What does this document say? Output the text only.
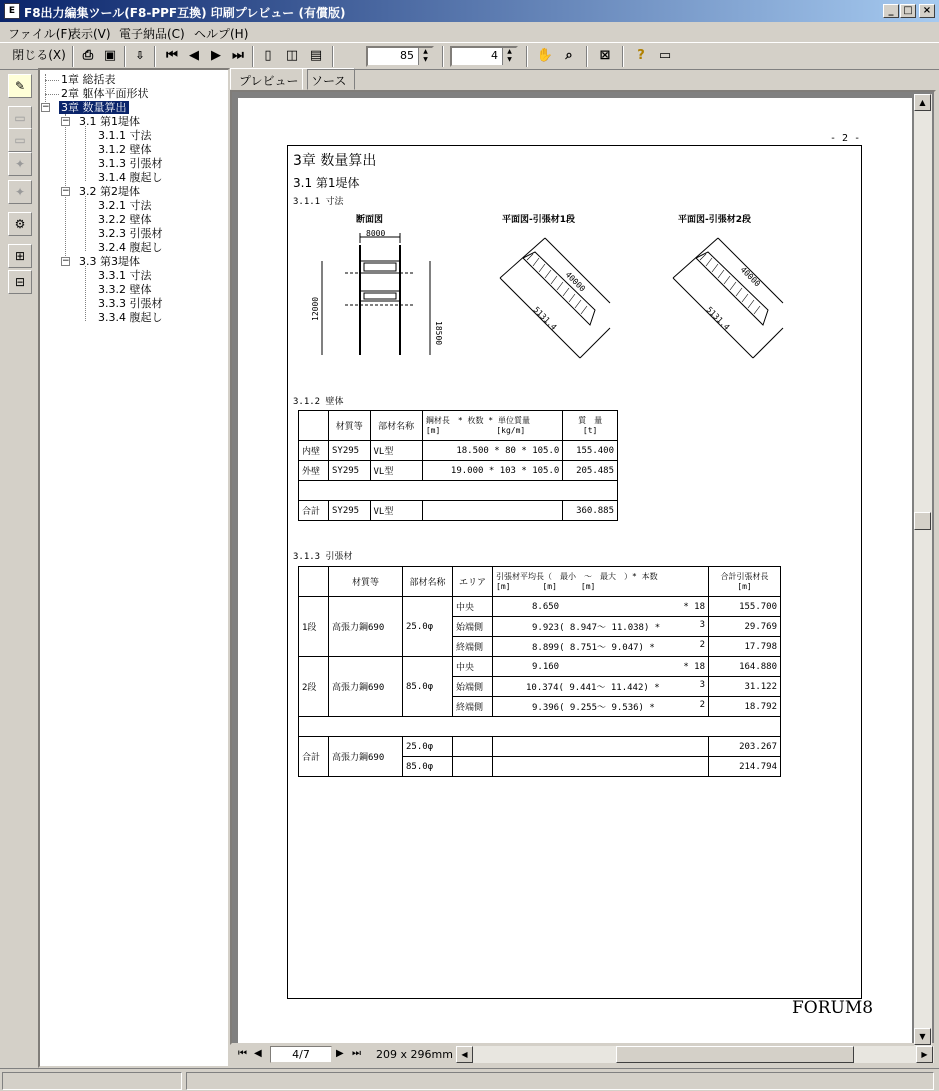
E F8出力編集ツール(F8-PPF互換) 印刷プレビュー (有償版)	_ □	×
ファイル(F)
表示(V) 電子納品(C) ヘルプ(H)
閉じる(X)	⎙ ▣	⇩	⏮ ◀ ▶ ⏭	▯	◫ ▤	85	▲
▼	4	▲
▼	✋ ⌕	⊠	?	▭
✎
▭
▭
✦
✦
⚙
⊞
⊟
−
1章 総括表
2章 躯体平面形状
3章 数量算出
− 3.1 第1堤体
3.1.1 寸法
3.1.2 壁体
3.1.3 引張材
3.1.4 腹起し
− 3.2 第2堤体
3.2.1 寸法
3.2.2 壁体
3.2.3 引張材
3.2.4 腹起し
− 3.3 第3堤体
3.3.1 寸法
3.3.2 壁体
3.3.3 引張材
3.3.4 腹起し
プレビュー	ソース
▲
▼
- 2 -
3章 数量算出
3.1 第1堤体
3.1.1 寸法
断面図	平面図-引張材1段	平面図-引張材2段
8000
12000
18500
40000
5131.4
40000
5131.4
3.1.2 壁体
	材質等	部材名称	鋼材長　* 枚数 * 単位質量
[m]　　　　　　　[kg/m]	質　量
[t]
内壁	SY295	VL型	18.500 * 80 * 105.0	155.400
外壁	SY295	VL型	19.000 * 103 * 105.0	205.485

合計	SY295	VL型		360.885
3.1.3 引張材
	材質等	部材名称	エリア	引張材平均長（　最小　～　最大　）* 本数
[m]　　　　[m]　　　[m]	合計引張材長
[m]
1段	高張力鋼690	25.0φ	中央	8.650 * 18	155.700
			始端側	9.923( 8.947～ 11.038) * 3	29.769
			終端側	8.899( 8.751～ 9.047) * 2	17.798
2段	高張力鋼690	85.0φ	中央	9.160 * 18	164.880
			始端側	10.374( 9.441～ 11.442) * 3	31.122
			終端側	9.396( 9.255～ 9.536) * 2	18.792

合計	高張力鋼690	25.0φ			203.267
		85.0φ			214.794
FORUM8
⏮ ◀	4/7	▶ ⏭ 209 x 296mm	◀	▶
